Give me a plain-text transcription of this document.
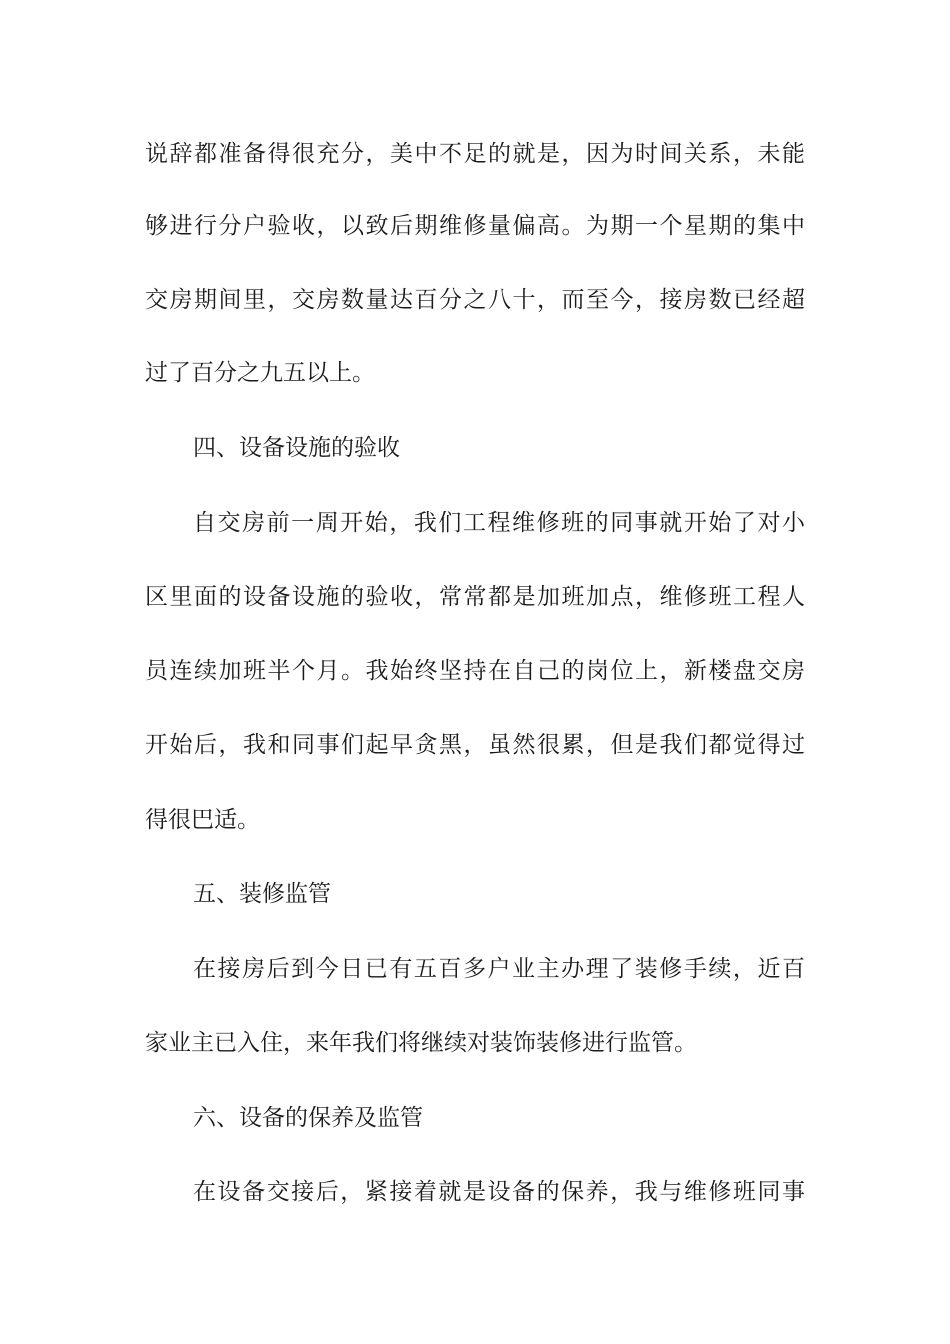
说辞都准备得很充分，美中不足的就是，因为时间关系，未能
够进行分户验收，以致后期维修量偏高。为期一个星期的集中
交房期间里，交房数量达百分之八十，而至今，接房数已经超
过了百分之九五以上。
四、设备设施的验收
自交房前一周开始，我们工程维修班的同事就开始了对小
区里面的设备设施的验收，常常都是加班加点，维修班工程人
员连续加班半个月。我始终坚持在自己的岗位上，新楼盘交房
开始后，我和同事们起早贪黑，虽然很累，但是我们都觉得过
得很巴适。
五、装修监管
在接房后到今日已有五百多户业主办理了装修手续，近百
家业主已入住，来年我们将继续对装饰装修进行监管。
六、设备的保养及监管
在设备交接后，紧接着就是设备的保养，我与维修班同事
